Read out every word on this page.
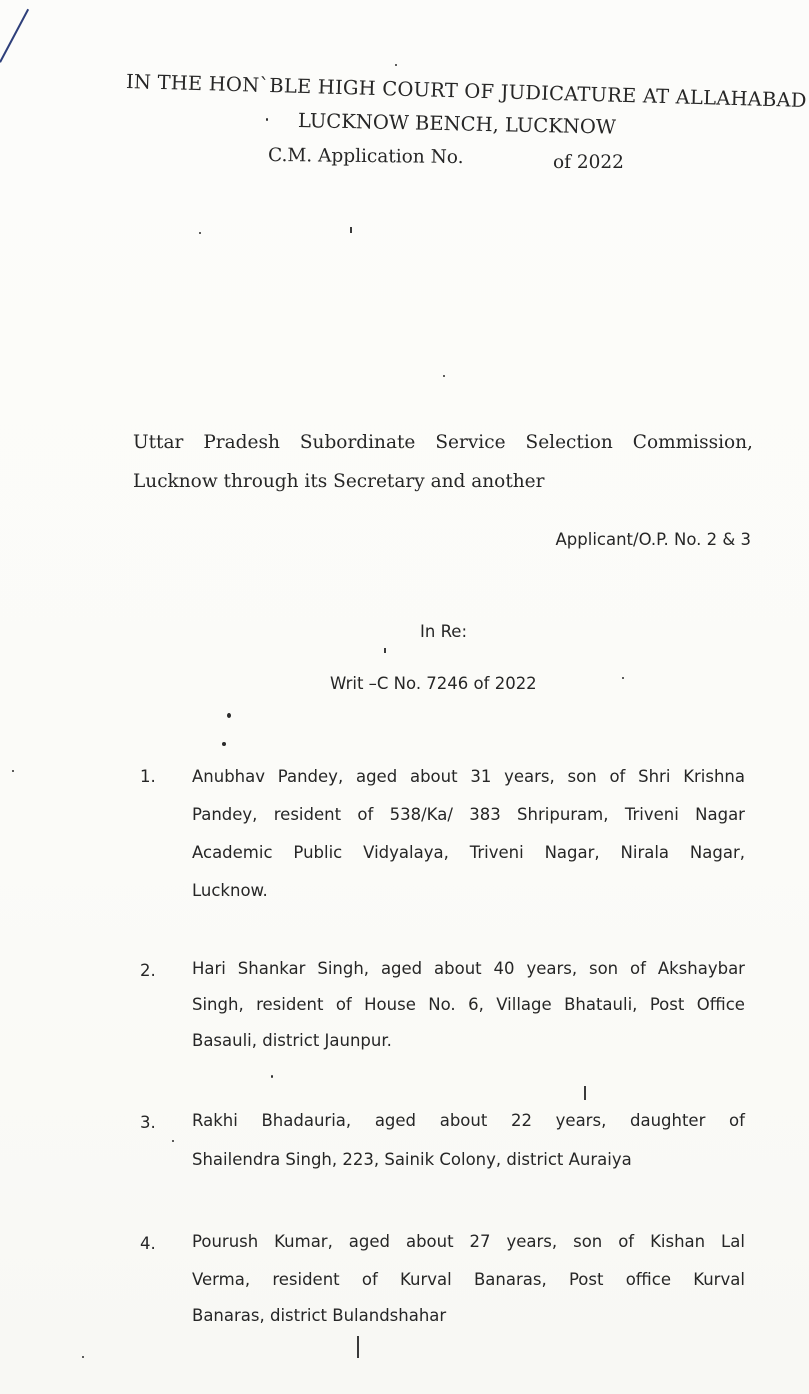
IN THE HON`BLE HIGH COURT OF JUDICATURE AT ALLAHABAD
LUCKNOW BENCH, LUCKNOW
C.M. Application No.	of 2022
Uttar Pradesh Subordinate Service Selection Commission,
Lucknow through its Secretary and another
Applicant/O.P. No. 2 & 3
In Re:
Writ –C No. 7246 of 2022
1. Anubhav Pandey, aged about 31 years, son of Shri Krishna
Pandey, resident of 538/Ka/ 383 Shripuram, Triveni Nagar
Academic Public Vidyalaya, Triveni Nagar, Nirala Nagar,
Lucknow.
2. Hari Shankar Singh, aged about 40 years, son of Akshaybar
Singh, resident of House No. 6, Village Bhatauli, Post Office
Basauli, district Jaunpur.
3. Rakhi Bhadauria, aged about 22 years, daughter of
Shailendra Singh, 223, Sainik Colony, district Auraiya
4. Pourush Kumar, aged about 27 years, son of Kishan Lal
Verma, resident of Kurval Banaras, Post office Kurval
Banaras, district Bulandshahar
